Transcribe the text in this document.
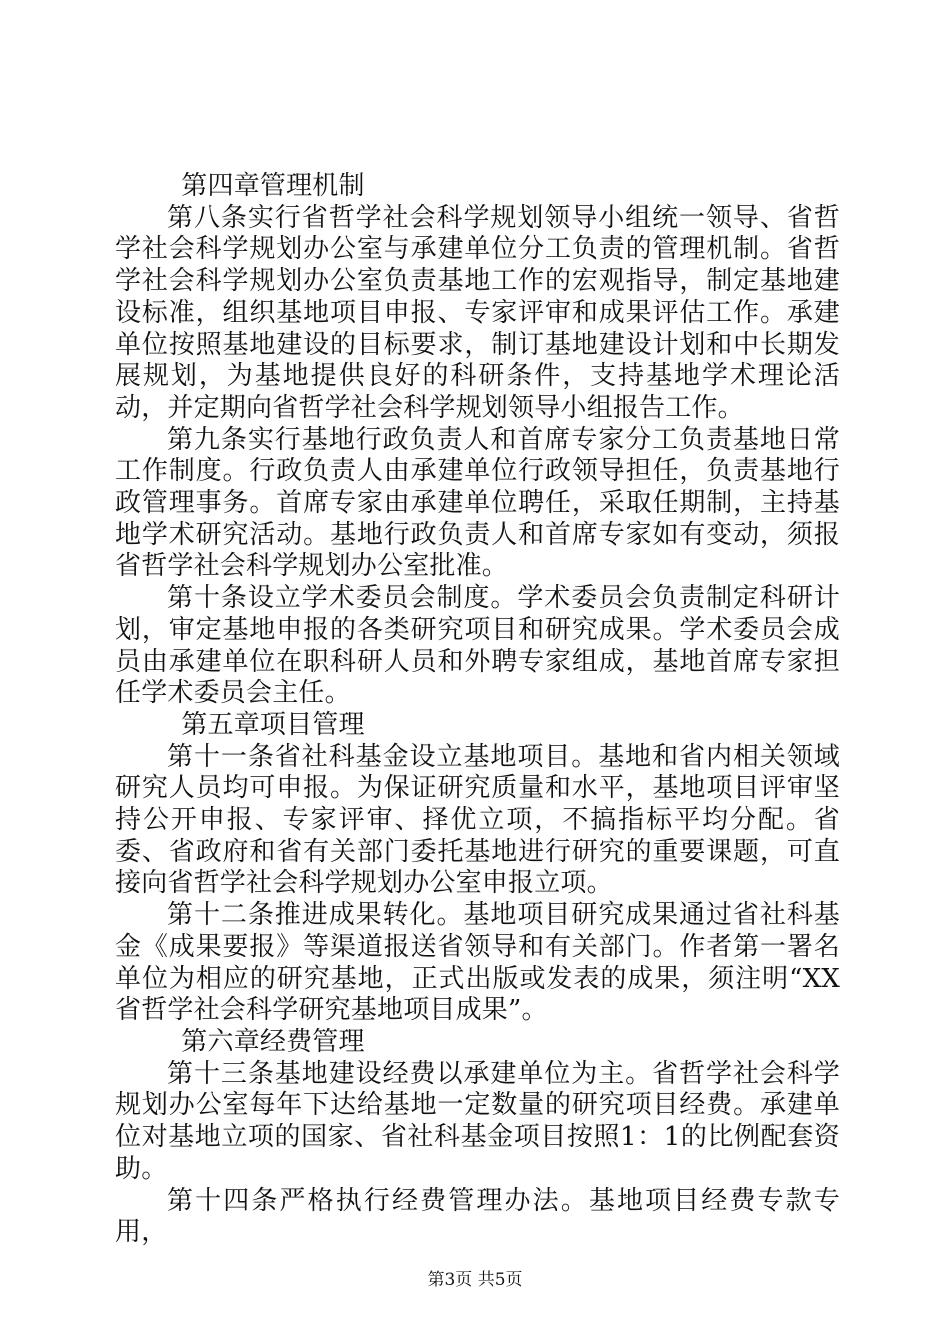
第四章管理机制

第八条实行省哲学社会科学规划领导小组统一领导、省哲学社会科学规划办公室与承建单位分工负责的管理机制。省哲学社会科学规划办公室负责基地工作的宏观指导，制定基地建设标准，组织基地项目申报、专家评审和成果评估工作。承建单位按照基地建设的目标要求，制订基地建设计划和中长期发展规划，为基地提供良好的科研条件，支持基地学术理论活动，并定期向省哲学社会科学规划领导小组报告工作。

第九条实行基地行政负责人和首席专家分工负责基地日常工作制度。行政负责人由承建单位行政领导担任，负责基地行政管理事务。首席专家由承建单位聘任，采取任期制，主持基地学术研究活动。基地行政负责人和首席专家如有变动，须报省哲学社会科学规划办公室批准。

第十条设立学术委员会制度。学术委员会负责制定科研计划，审定基地申报的各类研究项目和研究成果。学术委员会成员由承建单位在职科研人员和外聘专家组成，基地首席专家担任学术委员会主任。

第五章项目管理

第十一条省社科基金设立基地项目。基地和省内相关领域研究人员均可申报。为保证研究质量和水平，基地项目评审坚持公开申报、专家评审、择优立项，不搞指标平均分配。省委、省政府和省有关部门委托基地进行研究的重要课题，可直接向省哲学社会科学规划办公室申报立项。

第十二条推进成果转化。基地项目研究成果通过省社科基金《成果要报》等渠道报送省领导和有关部门。作者第一署名单位为相应的研究基地，正式出版或发表的成果，须注明“XX省哲学社会科学研究基地项目成果”。

第六章经费管理

第十三条基地建设经费以承建单位为主。省哲学社会科学规划办公室每年下达给基地一定数量的研究项目经费。承建单位对基地立项的国家、省社科基金项目按照1：1的比例配套资助。

第十四条严格执行经费管理办法。基地项目经费专款专用，

第3页 共5页
